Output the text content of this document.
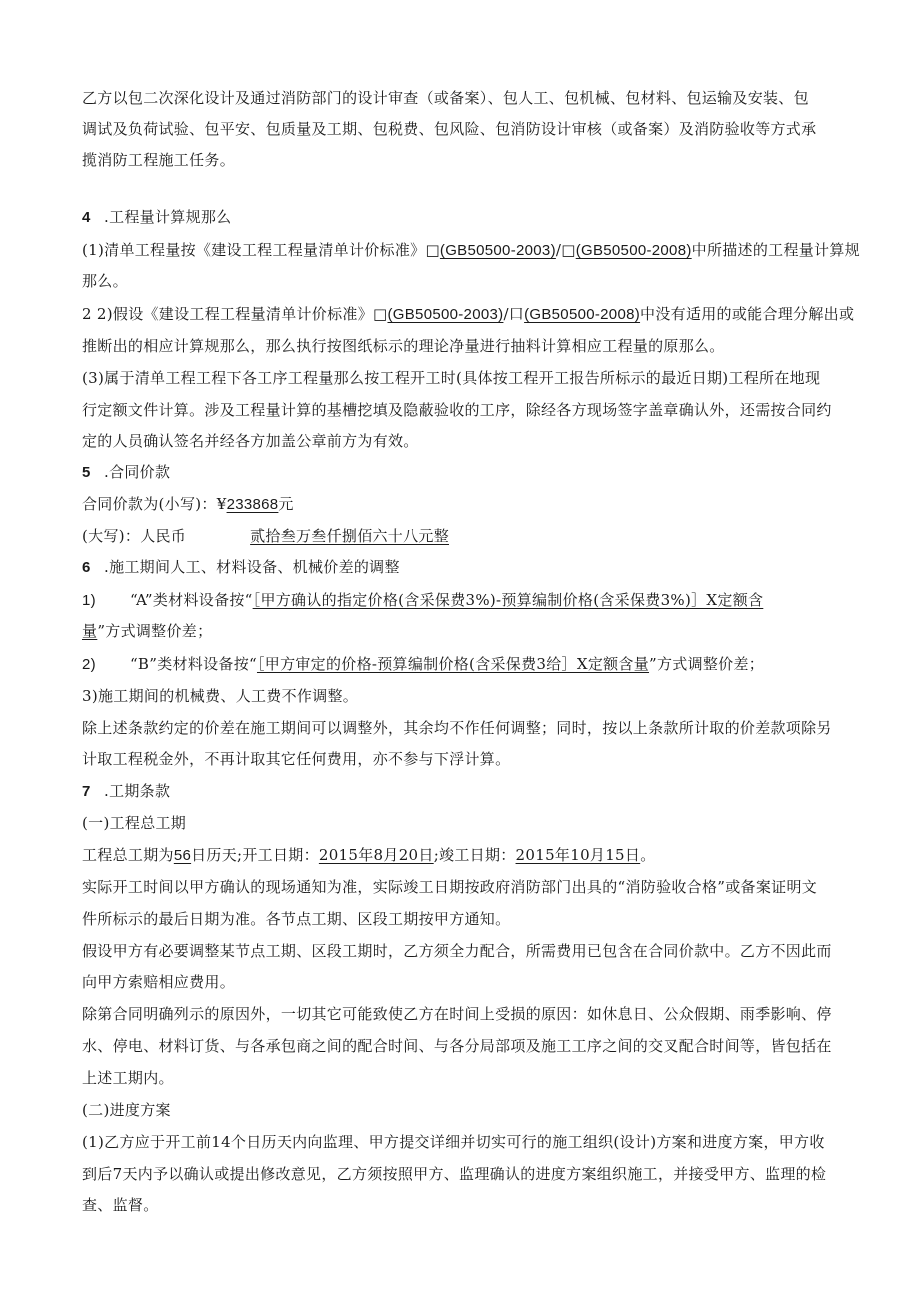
乙方以包二次深化设计及通过消防部门的设计审查（或备案）、包人工、包机械、包材料、包运输及安装、包
调试及负荷试验、包平安、包质量及工期、包税费、包风险、包消防设计审核（或备案）及消防验收等方式承
揽消防工程施工任务。
4 .工程量计算规那么
(1)清单工程量按《建设工程工程量清单计价标准》□(GB50500-2003)/□(GB50500-2008)中所描述的工程量计算规
那么。
2 2)假设《建设工程工程量清单计价标准》□(GB50500-2003)/口(GB50500-2008)中没有适用的或能合理分解出或
推断出的相应计算规那么，那么执行按图纸标示的理论净量进行抽料计算相应工程量的原那么。
(3)属于清单工程工程下各工序工程量那么按工程开工时(具体按工程开工报告所标示的最近日期)工程所在地现
行定额文件计算。涉及工程量计算的基槽挖填及隐蔽验收的工序，除经各方现场签字盖章确认外，还需按合同约
定的人员确认签名并经各方加盖公章前方为有效。
5 .合同价款
合同价款为(小写)：¥233868元
(大写)：人民币	贰拾叁万叁仟捌佰六十八元整
6 .施工期间人工、材料设备、机械价差的调整
1) “A”类材料设备按“［甲方确认的指定价格(含采保费3%)-预算编制价格(含采保费3%)］X定额含
量”方式调整价差；
2) “B”类材料设备按“［甲方审定的价格-预算编制价格(含采保费3给］X定额含量”方式调整价差；
3)施工期间的机械费、人工费不作调整。
除上述条款约定的价差在施工期间可以调整外，其余均不作任何调整；同时，按以上条款所计取的价差款项除另
计取工程税金外，不再计取其它任何费用，亦不参与下浮计算。
7 .工期条款
(一)工程总工期
工程总工期为56日历天;开工日期：2015年8月20日;竣工日期：2015年10月15日。
实际开工时间以甲方确认的现场通知为准，实际竣工日期按政府消防部门出具的“消防验收合格”或备案证明文
件所标示的最后日期为准。各节点工期、区段工期按甲方通知。
假设甲方有必要调整某节点工期、区段工期时，乙方须全力配合，所需费用已包含在合同价款中。乙方不因此而
向甲方索赔相应费用。
除第合同明确列示的原因外，一切其它可能致使乙方在时间上受损的原因：如休息日、公众假期、雨季影响、停
水、停电、材料订货、与各承包商之间的配合时间、与各分局部项及施工工序之间的交叉配合时间等，皆包括在
上述工期内。
(二)进度方案
(1)乙方应于开工前14个日历天内向监理、甲方提交详细并切实可行的施工组织(设计)方案和进度方案，甲方收
到后7天内予以确认或提出修改意见，乙方须按照甲方、监理确认的进度方案组织施工，并接受甲方、监理的检
查、监督。
